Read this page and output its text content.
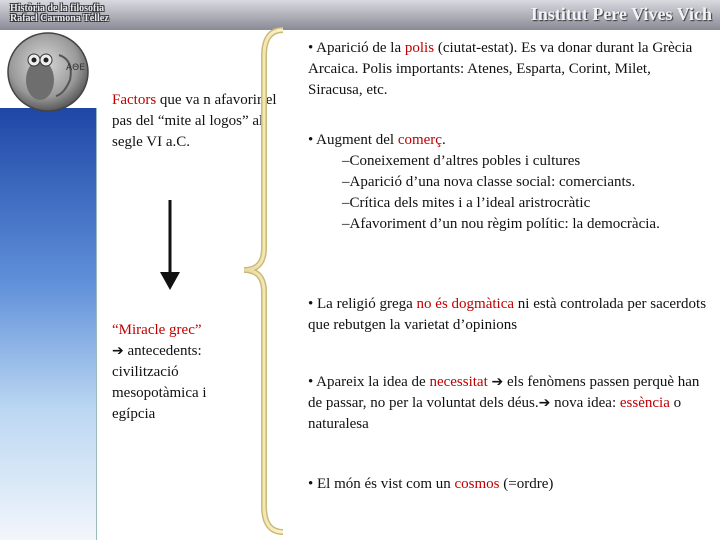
Història de la filosofia
Rafael Carmona Téllez	Institut Pere Vives Vich
ΑΘΕ
Factors que va n afavorir el pas del “mite al logos” al segle VI a.C.
“Miracle grec”
➔ antecedents: civilització mesopotàmica i egípcia

• Aparició de la polis (ciutat-estat). Es va donar durant la Grècia Arcaica. Polis importants: Atenes, Esparta, Corint, Milet, Siracusa, etc.

• Augment del comerç.

–Coneixement d’altres pobles i cultures

–Aparició d’una nova classe social: comerciants.

–Crítica dels mites i a l’ideal aristrocràtic

–Afavoriment d’un nou règim polític: la democràcia.

• La religió grega no és dogmàtica ni està controlada per sacerdots que rebutgen la varietat d’opinions

• Apareix la idea de necessitat ➔ els fenòmens passen perquè han de passar, no per la voluntat dels déus.➔ nova idea: essència o naturalesa

• El món és vist com un cosmos (=ordre)
